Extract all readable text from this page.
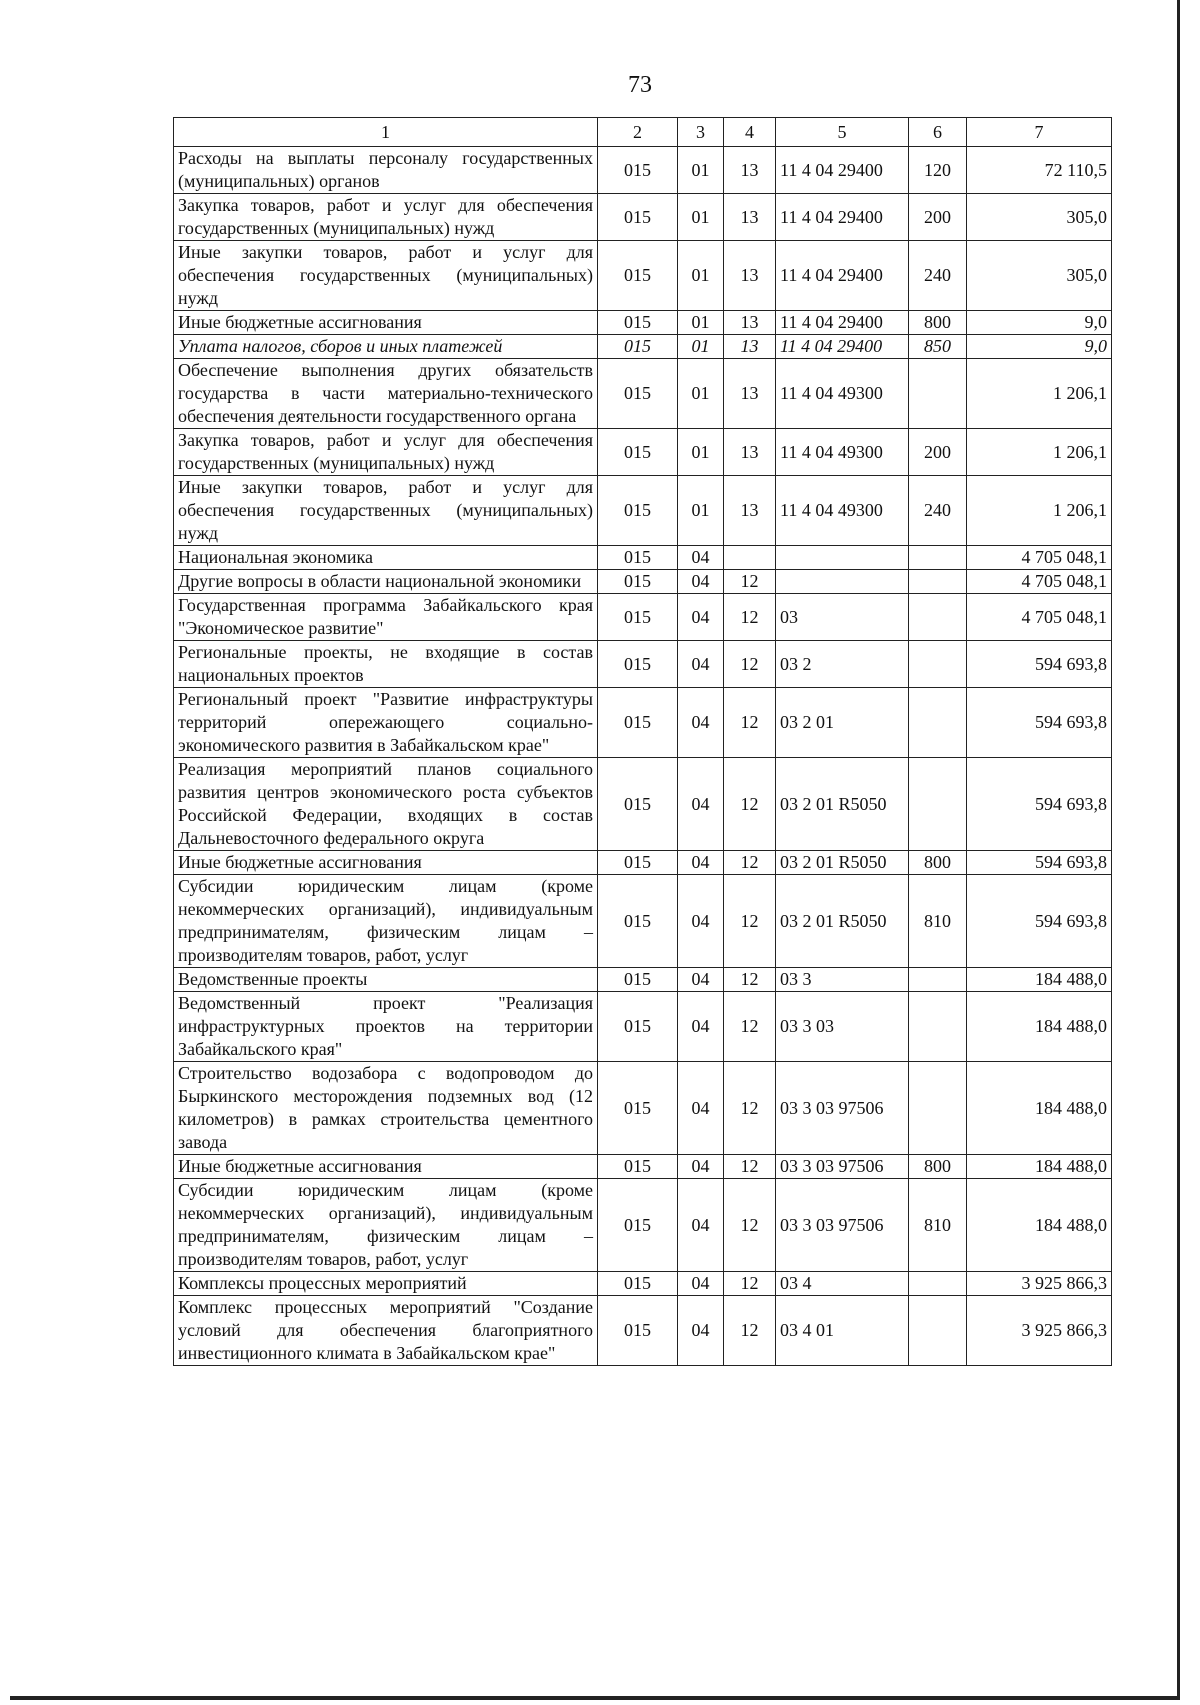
73
1	2	3	4	5	6	7
Расходы на выплаты персоналу государственных (муниципальных) органов	015	01	13	11 4 04 29400	120	72 110,5
Закупка товаров, работ и услуг для обеспечения государственных (муниципальных) нужд	015	01	13	11 4 04 29400	200	305,0
Иные закупки товаров, работ и услуг для обеспечения государственных (муниципальных) нужд	015	01	13	11 4 04 29400	240	305,0
Иные бюджетные ассигнования	015	01	13	11 4 04 29400	800	9,0
Уплата налогов, сборов и иных платежей	015	01	13	11 4 04 29400	850	9,0
Обеспечение выполнения других обязательств государства в части материально-технического обеспечения деятельности государственного органа	015	01	13	11 4 04 49300		1 206,1
Закупка товаров, работ и услуг для обеспечения государственных (муниципальных) нужд	015	01	13	11 4 04 49300	200	1 206,1
Иные закупки товаров, работ и услуг для обеспечения государственных (муниципальных) нужд	015	01	13	11 4 04 49300	240	1 206,1
Национальная экономика	015	04				4 705 048,1
Другие вопросы в области национальной экономики	015	04	12			4 705 048,1
Государственная программа Забайкальского края "Экономическое развитие"	015	04	12	03		4 705 048,1
Региональные проекты, не входящие в состав национальных проектов	015	04	12	03 2		594 693,8
Региональный проект "Развитие инфраструктуры территорий опережающего социально-экономического развития в Забайкальском крае"	015	04	12	03 2 01		594 693,8
Реализация мероприятий планов социального развития центров экономического роста субъектов Российской Федерации, входящих в состав Дальневосточного федерального округа	015	04	12	03 2 01 R5050		594 693,8
Иные бюджетные ассигнования	015	04	12	03 2 01 R5050	800	594 693,8
Субсидии юридическим лицам (кроме некоммерческих организаций), индивидуальным предпринимателям, физическим лицам – производителям товаров, работ, услуг	015	04	12	03 2 01 R5050	810	594 693,8
Ведомственные проекты	015	04	12	03 3		184 488,0
Ведомственный проект "Реализация инфраструктурных проектов на территории Забайкальского края"	015	04	12	03 3 03		184 488,0
Строительство водозабора с водопроводом до Быркинского месторождения подземных вод (12 километров) в рамках строительства цементного завода	015	04	12	03 3 03 97506		184 488,0
Иные бюджетные ассигнования	015	04	12	03 3 03 97506	800	184 488,0
Субсидии юридическим лицам (кроме некоммерческих организаций), индивидуальным предпринимателям, физическим лицам – производителям товаров, работ, услуг	015	04	12	03 3 03 97506	810	184 488,0
Комплексы процессных мероприятий	015	04	12	03 4		3 925 866,3
Комплекс процессных мероприятий "Создание условий для обеспечения благоприятного инвестиционного климата в Забайкальском крае"	015	04	12	03 4 01		3 925 866,3
